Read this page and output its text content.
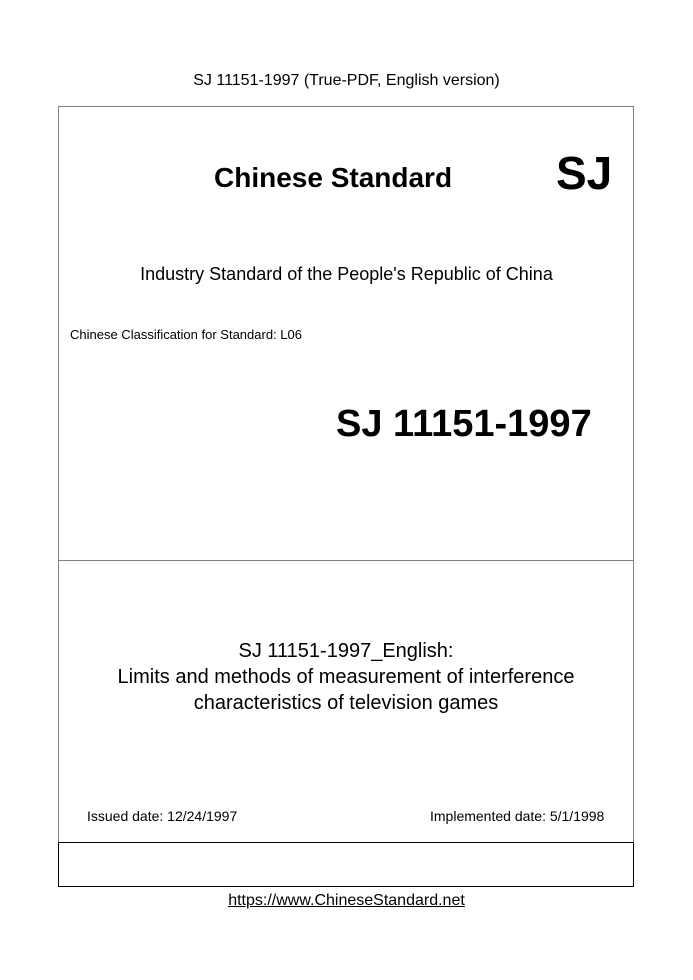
SJ 11151-1997 (True-PDF, English version)
Chinese Standard SJ
Industry Standard of the People's Republic of China
Chinese Classification for Standard: L06
SJ 11151-1997
SJ 11151-1997_English:
Limits and methods of measurement of interference
characteristics of television games
Issued date: 12/24/1997	Implemented date: 5/1/1998
https://www.ChineseStandard.net
